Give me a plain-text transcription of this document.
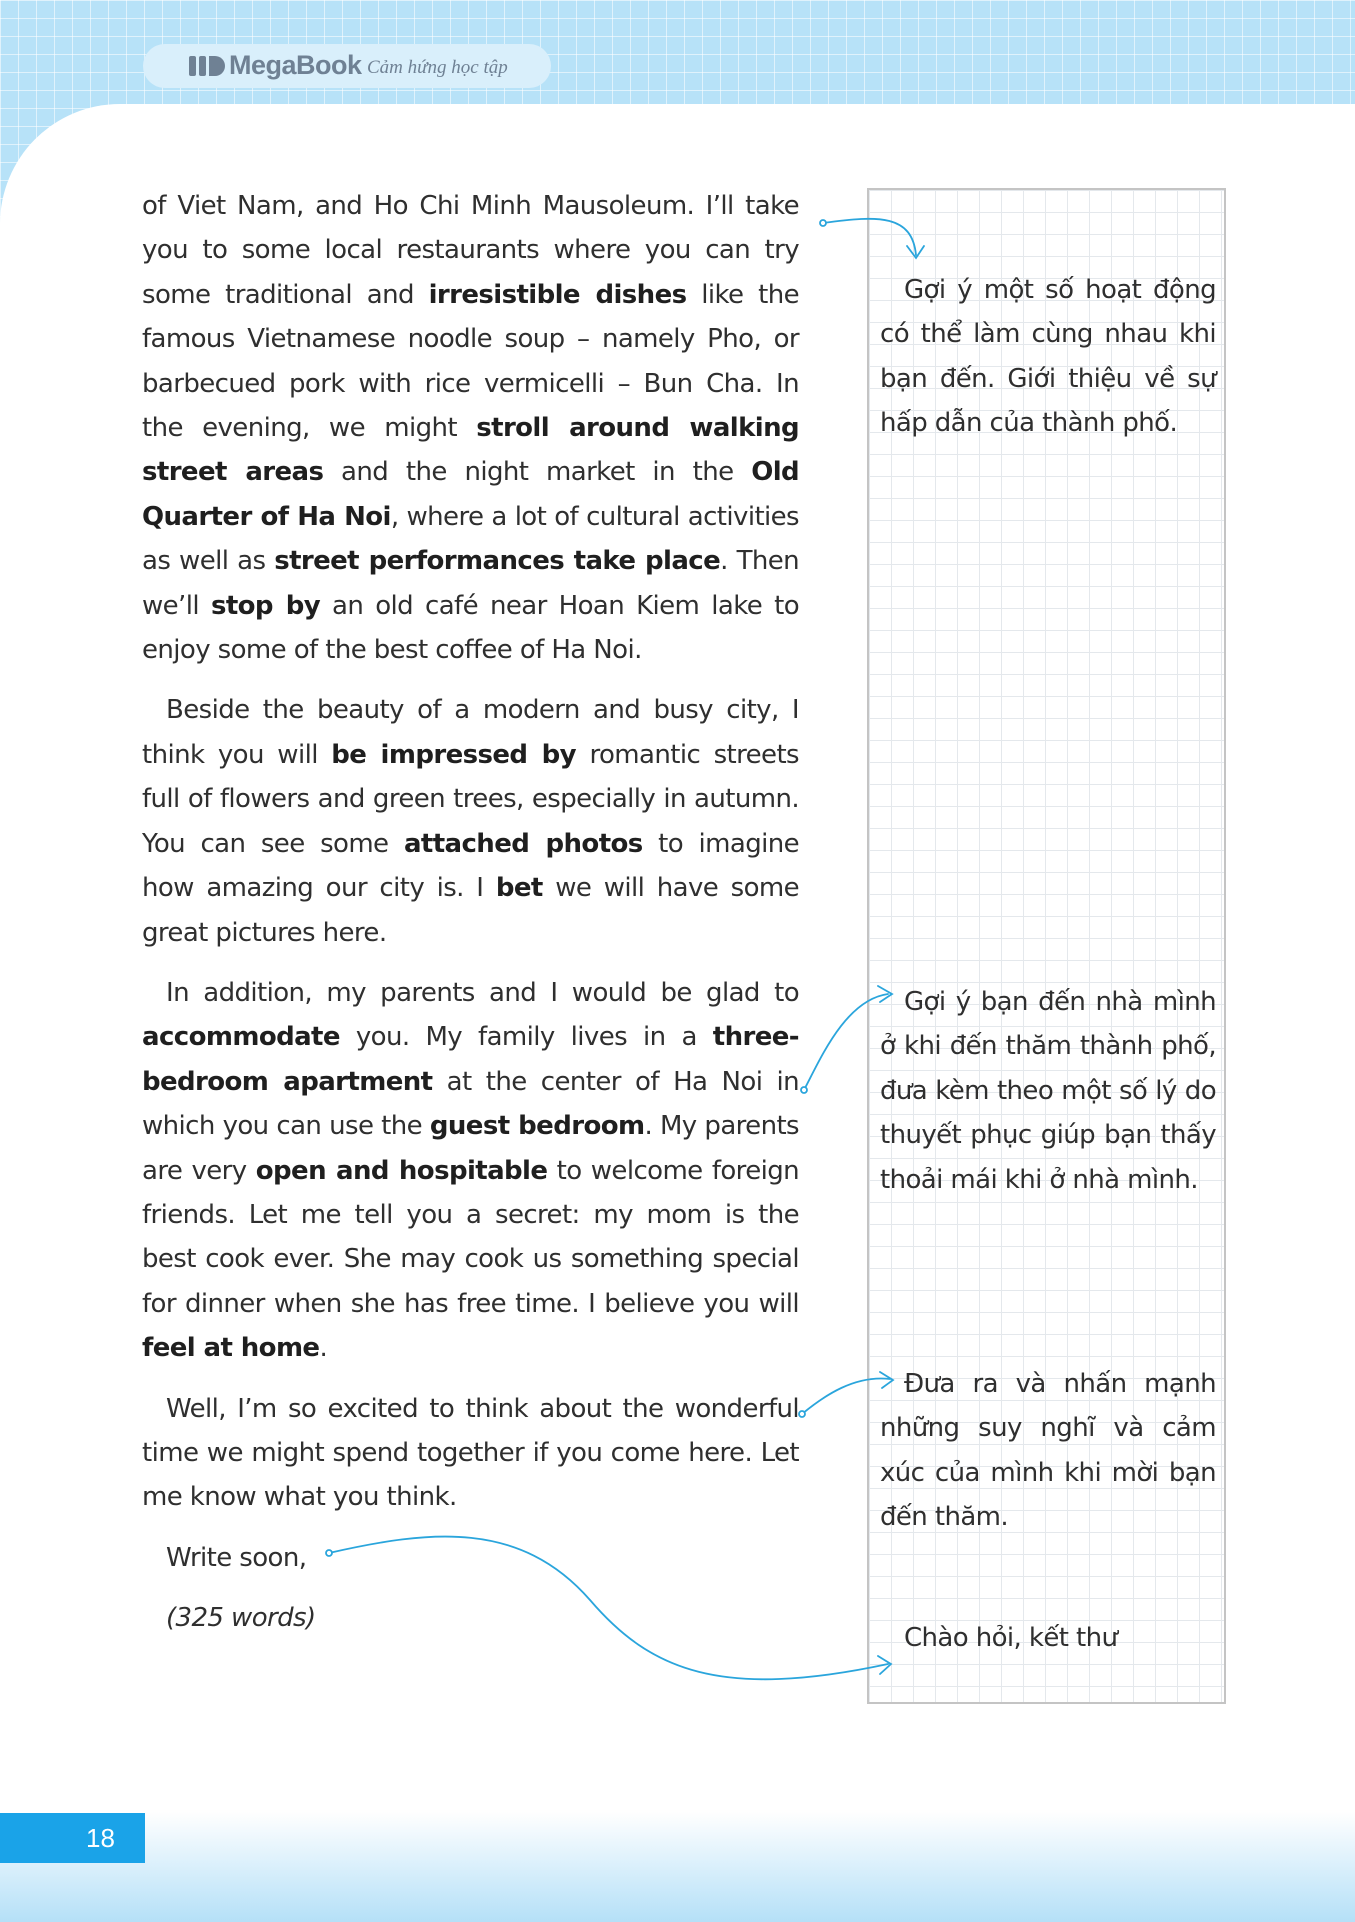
MegaBook Cảm hứng học tập

of Viet Nam, and Ho Chi Minh Mausoleum. I’ll take you to some local restaurants where you can try some traditional and irresistible dishes like the famous Vietnamese noodle soup – namely Pho, or barbecued pork with rice vermicelli – Bun Cha. In the evening, we might stroll around walking street areas and the night market in the Old Quarter of Ha Noi, where a lot of cultural activities as well as street performances take place. Then we’ll stop by an old café near Hoan Kiem lake to enjoy some of the best coffee of Ha Noi.

Beside the beauty of a modern and busy city, I think you will be impressed by romantic streets full of flowers and green trees, especially in autumn. You can see some attached photos to imagine how amazing our city is. I bet we will have some great pictures here.

In addition, my parents and I would be glad to accommodate you. My family lives in a three-bedroom apartment at the center of Ha Noi in which you can use the guest bedroom. My parents are very open and hospitable to welcome foreign friends. Let me tell you a secret: my mom is the best cook ever. She may cook us something special for dinner when she has free time. I believe you will feel at home.

Well, I’m so excited to think about the wonderful time we might spend together if you come here. Let me know what you think.

Write soon,

(325 words)

Gợi ý một số hoạt động có thể làm cùng nhau khi bạn đến. Giới thiệu về sự hấp dẫn của thành phố.
Gợi ý bạn đến nhà mình ở khi đến thăm thành phố, đưa kèm theo một số lý do thuyết phục giúp bạn thấy thoải mái khi ở nhà mình.
Đưa ra và nhấn mạnh những suy nghĩ và cảm xúc của mình khi mời bạn đến thăm.
Chào hỏi, kết thư
18
